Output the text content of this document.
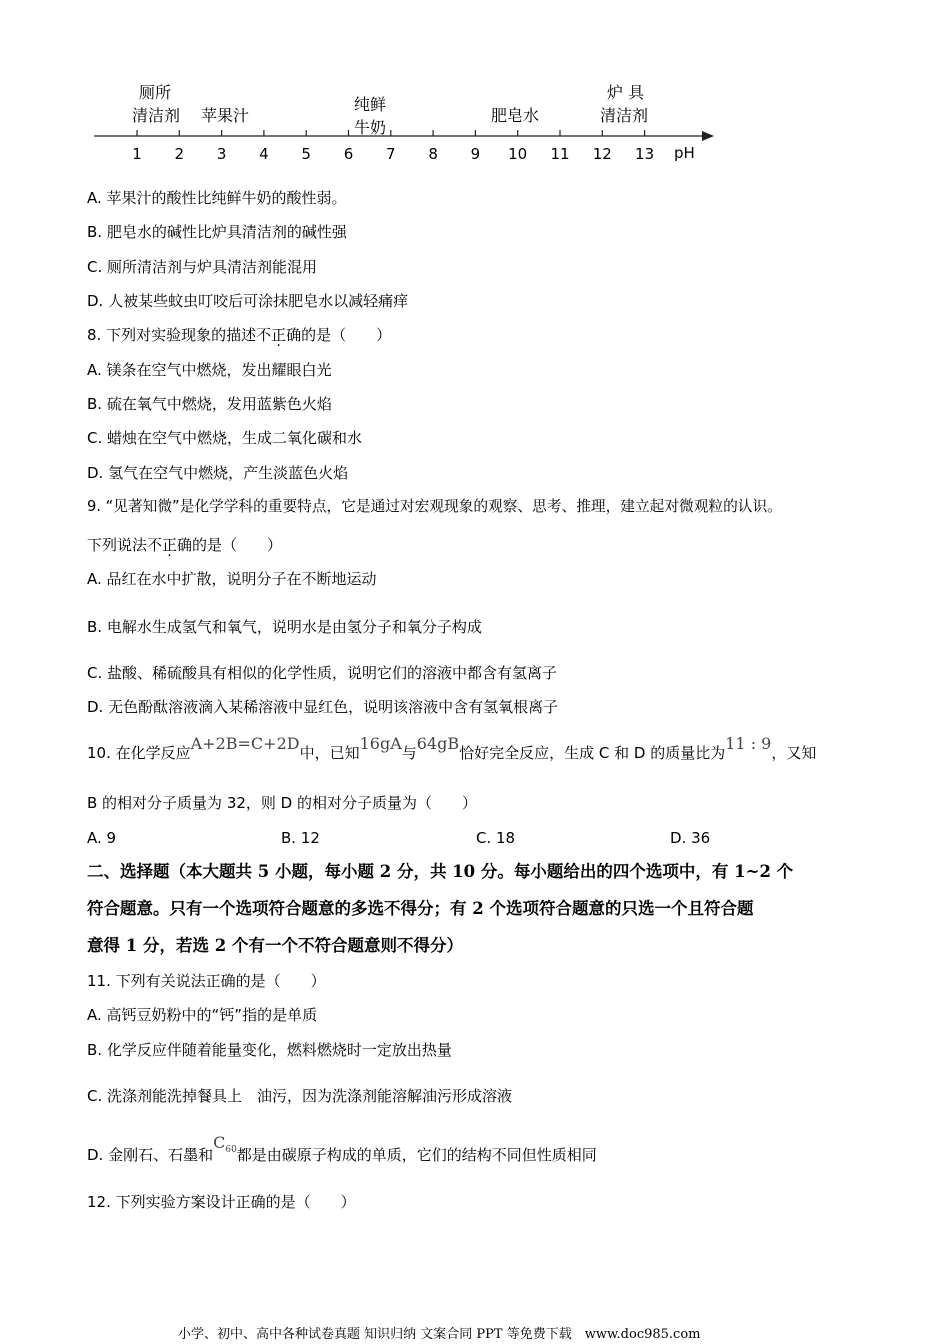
1 2 3 4 5 6 7 8 9 10 11 12 13 pH
厕所
清洁剂 苹果汁
纯鲜
牛奶
肥皂水
炉 具
清洁剂
A. 苹果汁的酸性比纯鲜牛奶的酸性弱。
B. 肥皂水的碱性比炉具清洁剂的碱性强
C. 厕所清洁剂与炉具清洁剂能混用
D. 人被某些蚊虫叮咬后可涂抹肥皂水以减轻痛痒
8. 下列对实验现象的描述不正确的是（　　）
A. 镁条在空气中燃烧，发出耀眼白光
B. 硫在氧气中燃烧，发用蓝紫色火焰
C. 蜡烛在空气中燃烧，生成二氧化碳和水
D. 氢气在空气中燃烧，产生淡蓝色火焰
9. “见著知微”是化学学科的重要特点，它是通过对宏观现象的观察、思考、推理，建立起对微观粒的认识。
下列说法不正确的是（　　）
A. 品红在水中扩散，说明分子在不断地运动
B. 电解水生成氢气和氧气，说明水是由氢分子和氧分子构成
C. 盐酸、稀硫酸具有相似的化学性质，说明它们的溶液中都含有氢离子
D. 无色酚酞溶液滴入某稀溶液中显红色，说明该溶液中含有氢氧根离子
10. 在化学反应A+2B=C+2D中，已知16gA与64gB恰好完全反应，生成 C 和 D 的质量比为11 : 9，又知
B 的相对分子质量为 32，则 D 的相对分子质量为（　　）
A. 9	B. 12	C. 18	D. 36
二、选择题（本大题共 5 小题，每小题 2 分，共 10 分。每小题给出的四个选项中，有 1~2 个
符合题意。只有一个选项符合题意的多选不得分；有 2 个选项符合题意的只选一个且符合题
意得 1 分，若选 2 个有一个不符合题意则不得分）
11. 下列有关说法正确的是（　　）
A. 高钙豆奶粉中的“钙”指的是单质
B. 化学反应伴随着能量变化，燃料燃烧时一定放出热量
C. 洗涤剂能洗掉餐具上　油污，因为洗涤剂能溶解油污形成溶液
D. 金刚石、石墨和$C_{60}$都是由碳原子构成的单质，它们的结构不同但性质相同
12. 下列实验方案设计正确的是（　　）
小学、初中、高中各种试卷真题 知识归纳 文案合同 PPT 等免费下载　www.doc985.com
